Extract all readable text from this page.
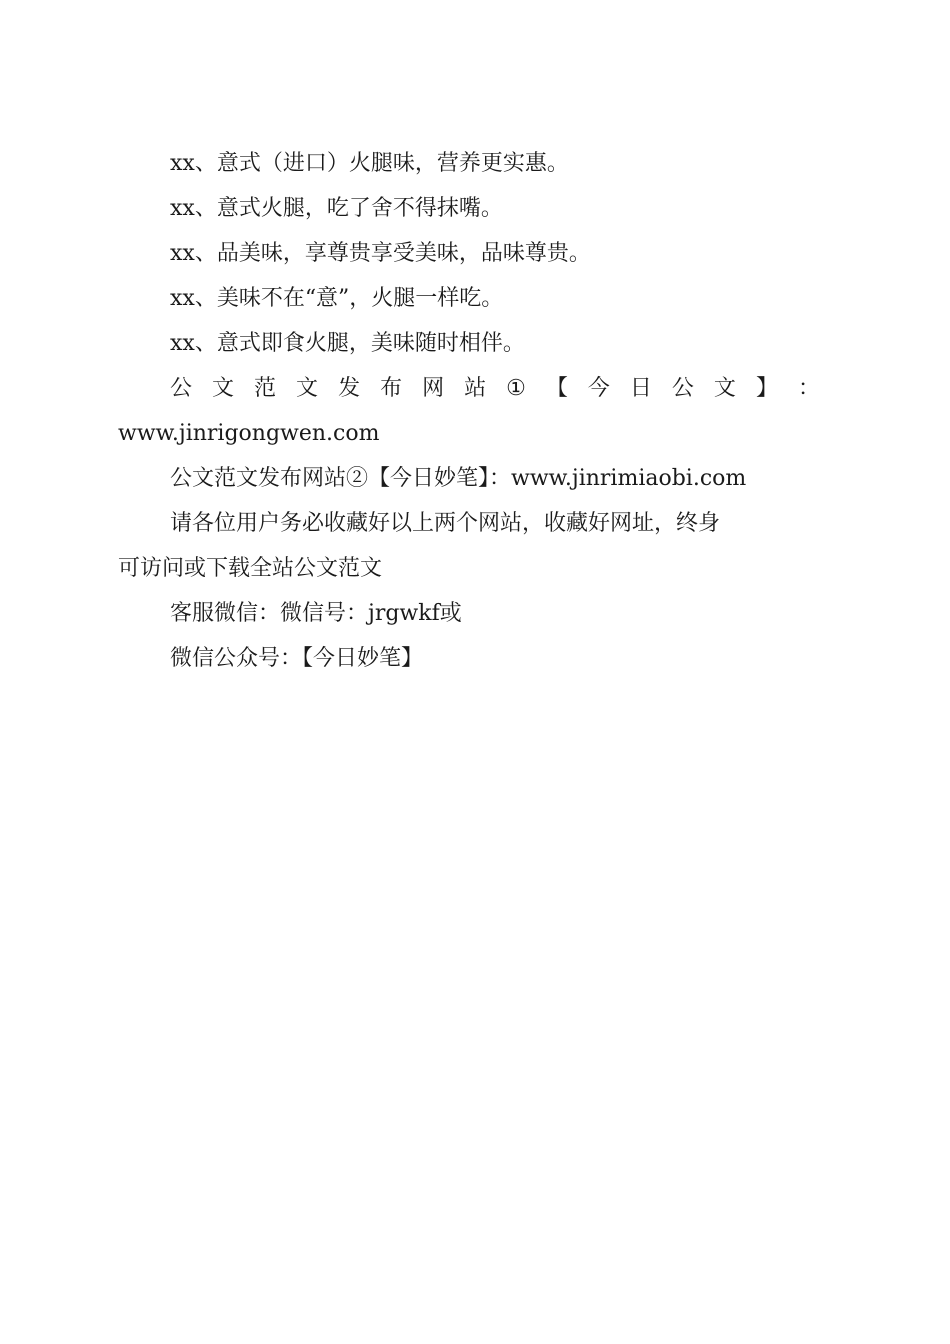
xx、意式（进口）火腿味，营养更实惠。
xx、意式火腿，吃了舍不得抹嘴。
xx、品美味，享尊贵享受美味，品味尊贵。
xx、美味不在“意”，火腿一样吃。
xx、意式即食火腿，美味随时相伴。
公 文 范 文 发 布 网 站 ① 【 今 日 公 文 】 ：
www.jinrigongwen.com
公文范文发布网站②【今日妙笔】：www.jinrimiaobi.com
请各位用户务必收藏好以上两个网站，收藏好网址，终身
可访问或下载全站公文范文
客服微信：微信号：jrgwkf或
微信公众号：【今日妙笔】
